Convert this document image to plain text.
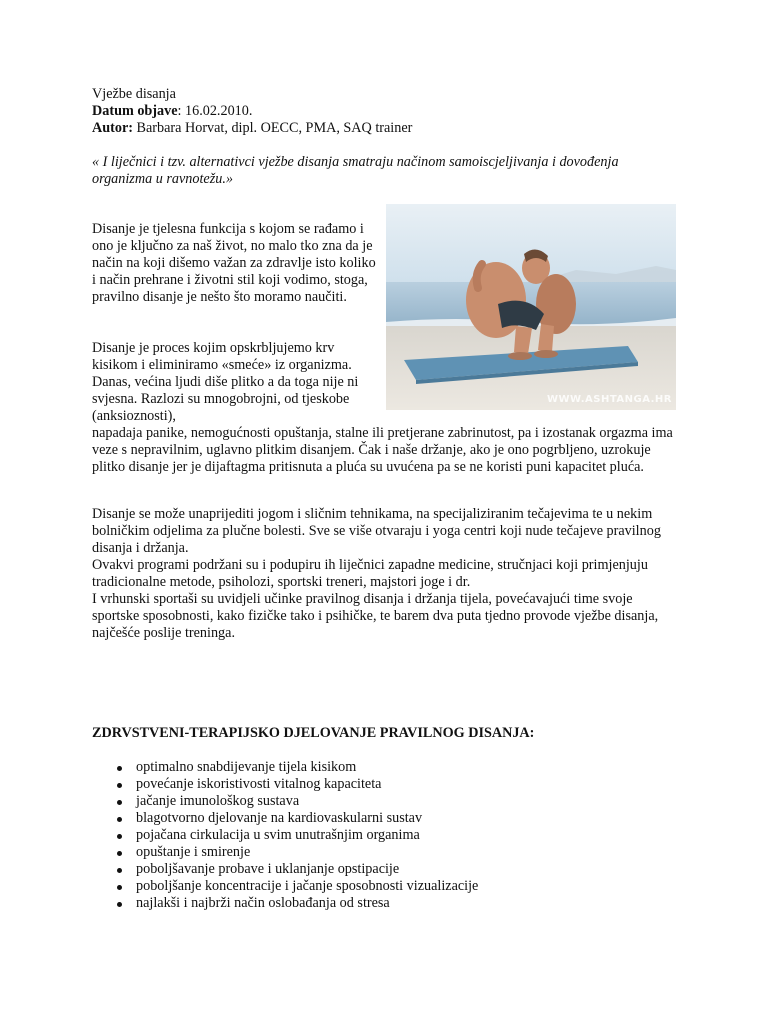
Vježbe disanja
Datum objave: 16.02.2010.
Autor: Barbara Horvat, dipl. OECC, PMA, SAQ trainer

« I liječnici i tzv. alternativci vježbe disanja smatraju načinom samoiscjeljivanja i dovođenja organizma u ravnotežu.»

WWW.ASHTANGA.HR

Disanje je tjelesna funkcija s kojom se rađamo i ono je ključno za naš život, no malo tko zna da je način na koji dišemo važan za zdravlje isto koliko i način prehrane i životni stil koji vodimo, stoga, pravilno disanje je nešto što moramo naučiti.

Disanje je proces kojim opskrbljujemo krv kisikom i eliminiramo «smeće» iz organizma. Danas, većina ljudi diše plitko a da toga nije ni svjesna. Razlozi su mnogobrojni, od tjeskobe (anksioznosti),
napadaja panike, nemogućnosti opuštanja, stalne ili pretjerane zabrinutost, pa i izostanak orgazma ima veze s nepravilnim, uglavno plitkim disanjem. Čak i naše držanje, ako je ono pogrbljeno, uzrokuje plitko disanje jer je dijaftagma pritisnuta a pluća su uvućena pa se ne koristi puni kapacitet pluća.

Disanje se može unaprijediti jogom i sličnim tehnikama, na specijaliziranim tečajevima te u nekim bolničkim odjelima za plučne bolesti. Sve se više otvaraju i yoga centri koji nude tečajeve pravilnog disanja i držanja.
Ovakvi programi podržani su i podupiru ih liječnici zapadne medicine, stručnjaci koji primjenjuju tradicionalne metode, psiholozi, sportski treneri, majstori joge i dr.
I vrhunski sportaši su uvidjeli učinke pravilnog disanja i držanja tijela, povećavajući time svoje sportske sposobnosti, kako fizičke tako i psihičke, te barem dva puta tjedno provode vježbe disanja, najčešće poslije treninga.
ZDRVSTVENI-TERAPIJSKO DJELOVANJE PRAVILNOG DISANJA:
optimalno snabdijevanje tijela kisikom
povećanje iskoristivosti vitalnog kapaciteta
jačanje imunološkog sustava
blagotvorno djelovanje na kardiovaskularni sustav
pojačana cirkulacija u svim unutrašnjim organima
opuštanje i smirenje
poboljšavanje probave i uklanjanje opstipacije
poboljšanje koncentracije i jačanje sposobnosti vizualizacije
najlakši i najbrži način oslobađanja od stresa
